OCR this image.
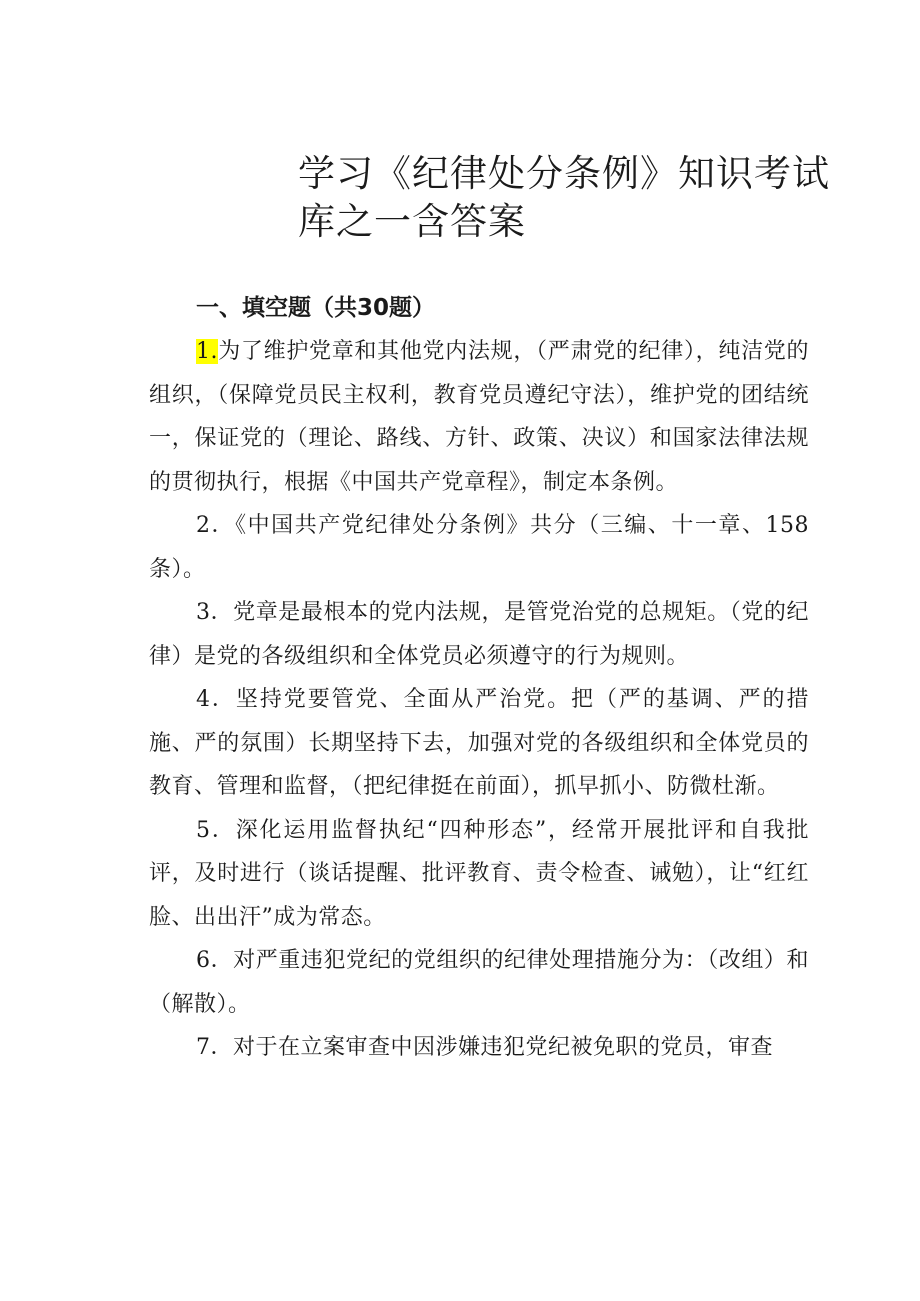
学习《纪律处分条例》知识考试
库之一含答案
一、填空题（共30题）

1.为了维护党章和其他党内法规，（严肃党的纪律），纯洁党的组织，（保障党员民主权利，教育党员遵纪守法），维护党的团结统一，保证党的（理论、路线、方针、政策、决议）和国家法律法规的贯彻执行，根据《中国共产党章程》，制定本条例。

2．《中国共产党纪律处分条例》共分（三编、十一章、158条）。

3．党章是最根本的党内法规，是管党治党的总规矩。（党的纪律）是党的各级组织和全体党员必须遵守的行为规则。

4．坚持党要管党、全面从严治党。把（严的基调、严的措施、严的氛围）长期坚持下去，加强对党的各级组织和全体党员的教育、管理和监督，（把纪律挺在前面），抓早抓小、防微杜渐。

5．深化运用监督执纪“四种形态”，经常开展批评和自我批评，及时进行（谈话提醒、批评教育、责令检查、诫勉），让“红红脸、出出汗”成为常态。

6．对严重违犯党纪的党组织的纪律处理措施分为：（改组）和（解散）。

7．对于在立案审查中因涉嫌违犯党纪被免职的党员，审查
